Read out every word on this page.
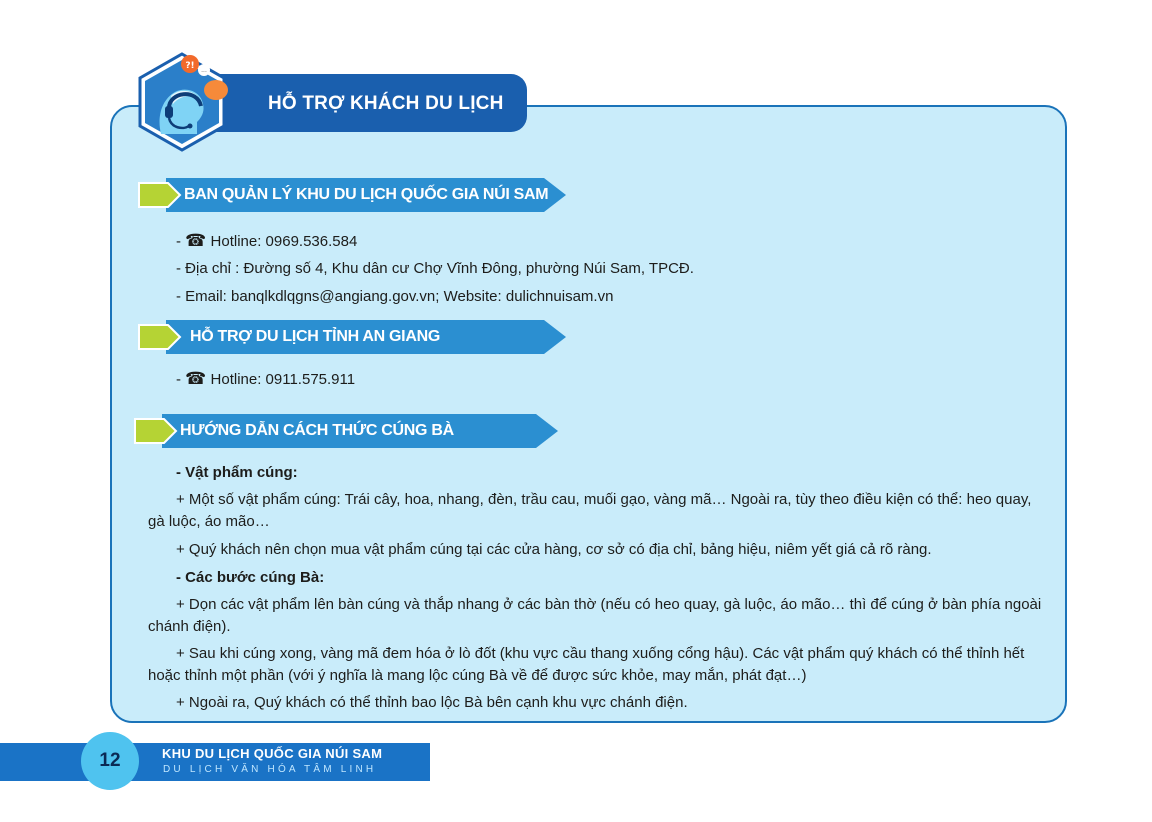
HỖ TRỢ KHÁCH DU LỊCH
?! ...
BAN QUẢN LÝ KHU DU LỊCH QUỐC GIA NÚI SAM
- ☎ Hotline: 0969.536.584
- Địa chỉ : Đường số 4, Khu dân cư Chợ Vĩnh Đông, phường Núi Sam, TPCĐ.
- Email: banqlkdlqgns@angiang.gov.vn; Website: dulichnuisam.vn
HỖ TRỢ DU LỊCH TỈNH AN GIANG
- ☎ Hotline: 0911.575.911
HƯỚNG DẪN CÁCH THỨC CÚNG BÀ
- Vật phẩm cúng:
+ Một số vật phẩm cúng: Trái cây, hoa, nhang, đèn, trầu cau, muối gạo, vàng mã… Ngoài ra, tùy theo điều kiện có thể: heo quay, gà luộc, áo mão…
+ Quý khách nên chọn mua vật phẩm cúng tại các cửa hàng, cơ sở có địa chỉ, bảng hiệu, niêm yết giá cả rõ ràng.
- Các bước cúng Bà:
+ Dọn các vật phẩm lên bàn cúng và thắp nhang ở các bàn thờ (nếu có heo quay, gà luộc, áo mão… thì để cúng ở bàn phía ngoài chánh điện).
+ Sau khi cúng xong, vàng mã đem hóa ở lò đốt (khu vực cầu thang xuống cổng hậu). Các vật phẩm quý khách có thể thỉnh hết hoặc thỉnh một phần (với ý nghĩa là mang lộc cúng Bà về để được sức khỏe, may mắn, phát đạt…)
+ Ngoài ra, Quý khách có thể thỉnh bao lộc Bà bên cạnh khu vực chánh điện.
12	KHU DU LỊCH QUỐC GIA NÚI SAM
DU LỊCH VĂN HÓA TÂM LINH
